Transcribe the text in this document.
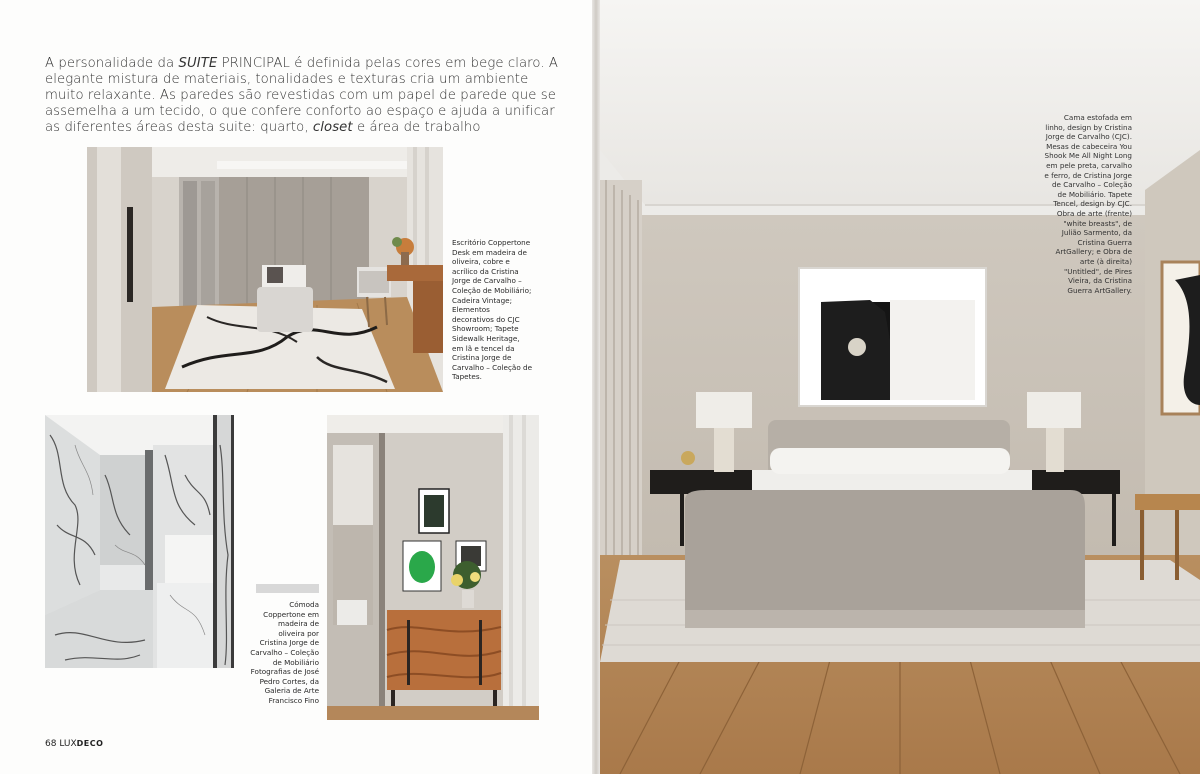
A personalidade da SUITE PRINCIPAL é definida pelas cores em bege claro. A elegante mistura de materiais, tonalidades e texturas cria um ambiente muito relaxante. As paredes são revestidas com um papel de parede que se assemelha a um tecido, o que confere conforto ao espaço e ajuda a unificar as diferentes áreas desta suite: quarto, closet e área de trabalho

Escritório Coppertone Desk em madeira de oliveira, cobre e acrílico da Cristina Jorge de Carvalho – Coleção de Mobiliário; Cadeira Vintage; Elementos decorativos do CJC Showroom; Tapete Sidewalk Heritage, em lã e tencel da Cristina Jorge de Carvalho – Coleção de Tapetes.

Cómoda Coppertone em madeira de oliveira por Cristina Jorge de Carvalho – Coleção de Mobiliário Fotografias de José Pedro Cortes, da Galeria de Arte Francisco Fino

68 LUXDECO

Cama estofada em linho, design by Cristina Jorge de Carvalho (CJC). Mesas de cabeceira You Shook Me All Night Long em pele preta, carvalho e ferro, de Cristina Jorge de Carvalho – Coleção de Mobiliário. Tapete Tencel, design by CJC. Obra de arte (frente) "white breasts", de Julião Sarmento, da Cristina Guerra ArtGallery; e Obra de arte (à direita) "Untitled", de Pires Vieira, da Cristina Guerra ArtGallery.
